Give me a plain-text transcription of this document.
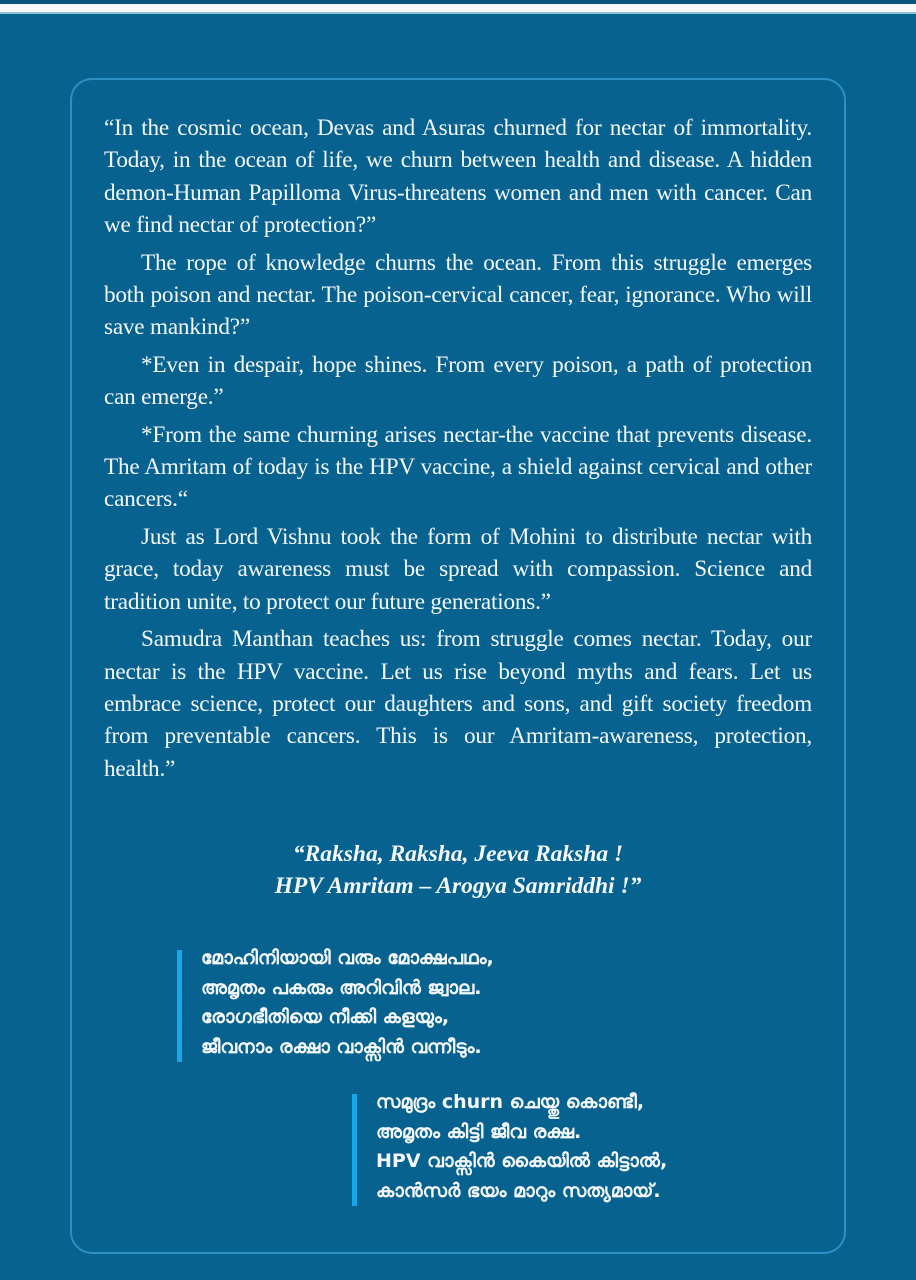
“In the cosmic ocean, Devas and Asuras churned for nectar of immortality. Today, in the ocean of life, we churn between health and disease. A hidden demon-Human Papilloma Virus-threatens women and men with cancer. Can we find nectar of protection?”

The rope of knowledge churns the ocean. From this struggle emerges both poison and nectar. The poison-cervical cancer, fear, ignorance. Who will save mankind?”

*Even in despair, hope shines. From every poison, a path of protection can emerge.”

*From the same churning arises nectar-the vaccine that prevents disease. The Amritam of today is the HPV vaccine, a shield against cervical and other cancers.“

Just as Lord Vishnu took the form of Mohini to distribute nectar with grace, today awareness must be spread with compassion. Science and tradition unite, to protect our future generations.”

Samudra Manthan teaches us: from struggle comes nectar. Today, our nectar is the HPV vaccine. Let us rise beyond myths and fears. Let us embrace science, protect our daughters and sons, and gift society freedom from preventable cancers. This is our Amritam-awareness, protection, health.”

“Raksha, Raksha, Jeeva Raksha !
HPV Amritam – Arogya Samriddhi !”
മോഹിനിയായി വരും മോക്ഷപഥം,
അമൃതം പകരും അറിവിൻ ജ്വാല.
രോഗഭീതിയെ നീക്കി കളയും,
ജീവനാം രക്ഷാ വാക്സിൻ വന്നീടും.
സമുദ്രം churn ചെയ്തു കൊണ്ടീ,
അമൃതം കിട്ടി ജീവ രക്ഷ.
HPV വാക്സിൻ കൈയിൽ കിട്ടാൽ,
കാൻസർ ഭയം മാറും സത്യമായ്.
